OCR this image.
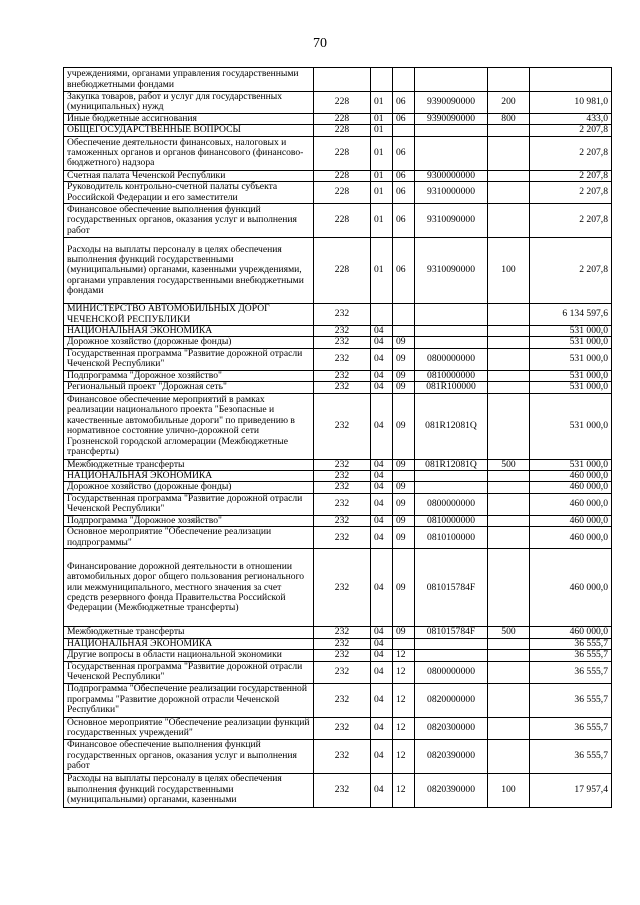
70
учреждениями, органами управления государственными внебюджетными фондами						
Закупка товаров, работ и услуг для государственных (муниципальных) нужд	228	01	06	9390090000	200	10 981,0
Иные бюджетные ассигнования	228	01	06	9390090000	800	433,0
ОБЩЕГОСУДАРСТВЕННЫЕ ВОПРОСЫ	228	01				2 207,8
Обеспечение деятельности финансовых, налоговых и таможенных органов и органов финансового (финансово-бюджетного) надзора	228	01	06			2 207,8
Счетная палата Чеченской Республики	228	01	06	9300000000		2 207,8
Руководитель контрольно-счетной палаты субъекта Российской Федерации и его заместители	228	01	06	9310000000		2 207,8
Финансовое обеспечение выполнения функций государственных органов, оказания услуг и выполнения работ	228	01	06	9310090000		2 207,8
Расходы на выплаты персоналу в целях обеспечения выполнения функций государственными (муниципальными) органами, казенными учреждениями, органами управления государственными внебюджетными фондами	228	01	06	9310090000	100	2 207,8
МИНИСТЕРСТВО АВТОМОБИЛЬНЫХ ДОРОГ ЧЕЧЕНСКОЙ РЕСПУБЛИКИ	232					6 134 597,6
НАЦИОНАЛЬНАЯ ЭКОНОМИКА	232	04				531 000,0
Дорожное хозяйство (дорожные фонды)	232	04	09			531 000,0
Государственная программа "Развитие дорожной отрасли Чеченской Республики"	232	04	09	0800000000		531 000,0
Подпрограмма "Дорожное хозяйство"	232	04	09	0810000000		531 000,0
Региональный проект "Дорожная сеть"	232	04	09	081R100000		531 000,0
Финансовое обеспечение мероприятий в рамках реализации национального проекта "Безопасные и качественные автомобильные дороги" по приведению в нормативное состояние улично-дорожной сети Грозненской городской агломерации (Межбюджетные трансферты)	232	04	09	081R12081Q		531 000,0
Межбюджетные трансферты	232	04	09	081R12081Q	500	531 000,0
НАЦИОНАЛЬНАЯ ЭКОНОМИКА	232	04				460 000,0
Дорожное хозяйство (дорожные фонды)	232	04	09			460 000,0
Государственная программа "Развитие дорожной отрасли Чеченской Республики"	232	04	09	0800000000		460 000,0
Подпрограмма "Дорожное хозяйство"	232	04	09	0810000000		460 000,0
Основное мероприятие "Обеспечение реализации подпрограммы"	232	04	09	0810100000		460 000,0
Финансирование дорожной деятельности в отношении автомобильных дорог общего пользования регионального или межмуниципального, местного значения за счет средств резервного фонда Правительства Российской Федерации (Межбюджетные трансферты)	232	04	09	081015784F		460 000,0
Межбюджетные трансферты	232	04	09	081015784F	500	460 000,0
НАЦИОНАЛЬНАЯ ЭКОНОМИКА	232	04				36 555,7
Другие вопросы в области национальной экономики	232	04	12			36 555,7
Государственная программа "Развитие дорожной отрасли Чеченской Республики"	232	04	12	0800000000		36 555,7
Подпрограмма "Обеспечение реализации государственной программы "Развитие дорожной отрасли Чеченской Республики"	232	04	12	0820000000		36 555,7
Основное мероприятие "Обеспечение реализации функций государственных учреждений"	232	04	12	0820300000		36 555,7
Финансовое обеспечение выполнения функций государственных органов, оказания услуг и выполнения работ	232	04	12	0820390000		36 555,7
Расходы на выплаты персоналу в целях обеспечения выполнения функций государственными (муниципальными) органами, казенными	232	04	12	0820390000	100	17 957,4
